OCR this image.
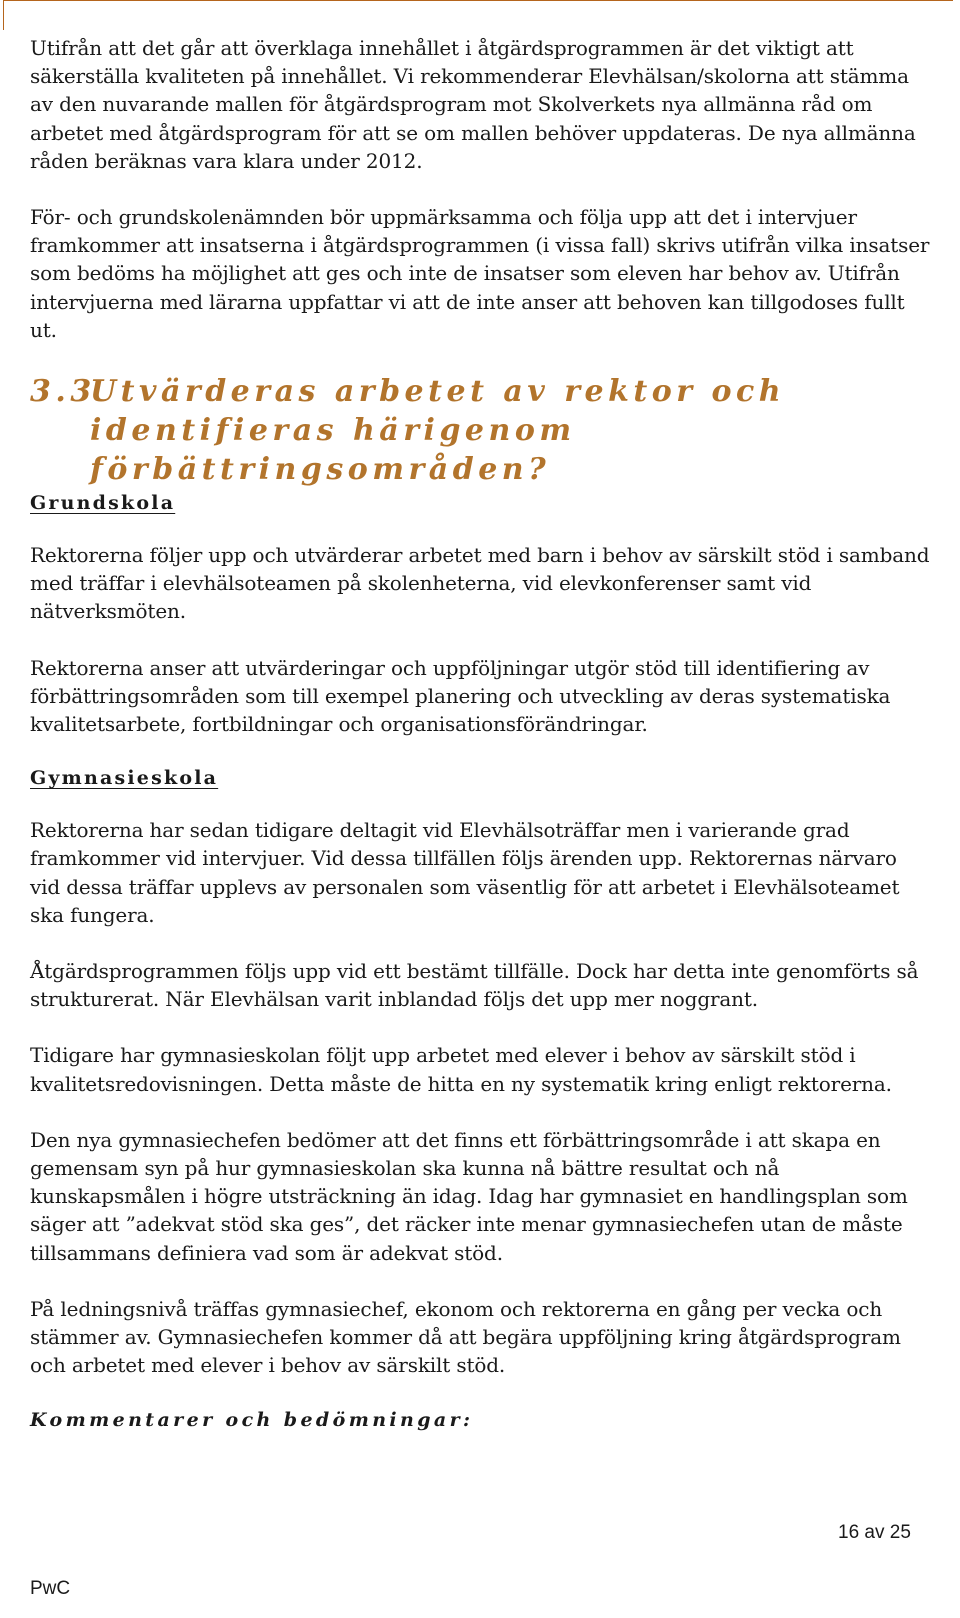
Utifrån att det går att överklaga innehållet i åtgärdsprogrammen är det viktigt att säkerställa kvaliteten på innehållet. Vi rekommenderar Elevhälsan/skolorna att stämma av den nuvarande mallen för åtgärdsprogram mot Skolverkets nya allmänna råd om arbetet med åtgärdsprogram för att se om mallen behöver uppdateras. De nya allmänna råden beräknas vara klara under 2012.

För- och grundskolenämnden bör uppmärksamma och följa upp att det i intervjuer framkommer att insatserna i åtgärdsprogrammen (i vissa fall) skrivs utifrån vilka insatser som bedöms ha möjlighet att ges och inte de insatser som eleven har behov av. Utifrån intervjuerna med lärarna uppfattar vi att de inte anser att behoven kan tillgodoses fullt ut.

3.3
Utvärderas arbetet av rektor och identifieras härigenom förbättringsområden?
Grundskola

Rektorerna följer upp och utvärderar arbetet med barn i behov av särskilt stöd i samband med träffar i elevhälsoteamen på skolenheterna, vid elevkonferenser samt vid nätverksmöten.

Rektorerna anser att utvärderingar och uppföljningar utgör stöd till identifiering av förbättringsområden som till exempel planering och utveckling av deras systematiska kvalitetsarbete, fortbildningar och organisationsförändringar.

Gymnasieskola

Rektorerna har sedan tidigare deltagit vid Elevhälsoträffar men i varierande grad framkommer vid intervjuer. Vid dessa tillfällen följs ärenden upp. Rektorernas närvaro vid dessa träffar upplevs av personalen som väsentlig för att arbetet i Elevhälsoteamet ska fungera.

Åtgärdsprogrammen följs upp vid ett bestämt tillfälle. Dock har detta inte genomförts så strukturerat. När Elevhälsan varit inblandad följs det upp mer noggrant.

Tidigare har gymnasieskolan följt upp arbetet med elever i behov av särskilt stöd i kvalitetsredovisningen. Detta måste de hitta en ny systematik kring enligt rektorerna.

Den nya gymnasiechefen bedömer att det finns ett förbättringsområde i att skapa en gemensam syn på hur gymnasieskolan ska kunna nå bättre resultat och nå kunskapsmålen i högre utsträckning än idag. Idag har gymnasiet en handlingsplan som säger att ”adekvat stöd ska ges”, det räcker inte menar gymnasiechefen utan de måste tillsammans definiera vad som är adekvat stöd.

På ledningsnivå träffas gymnasiechef, ekonom och rektorerna en gång per vecka och stämmer av. Gymnasiechefen kommer då att begära uppföljning kring åtgärdsprogram och arbetet med elever i behov av särskilt stöd.

Kommentarer och bedömningar:

16 av 25
PwC
